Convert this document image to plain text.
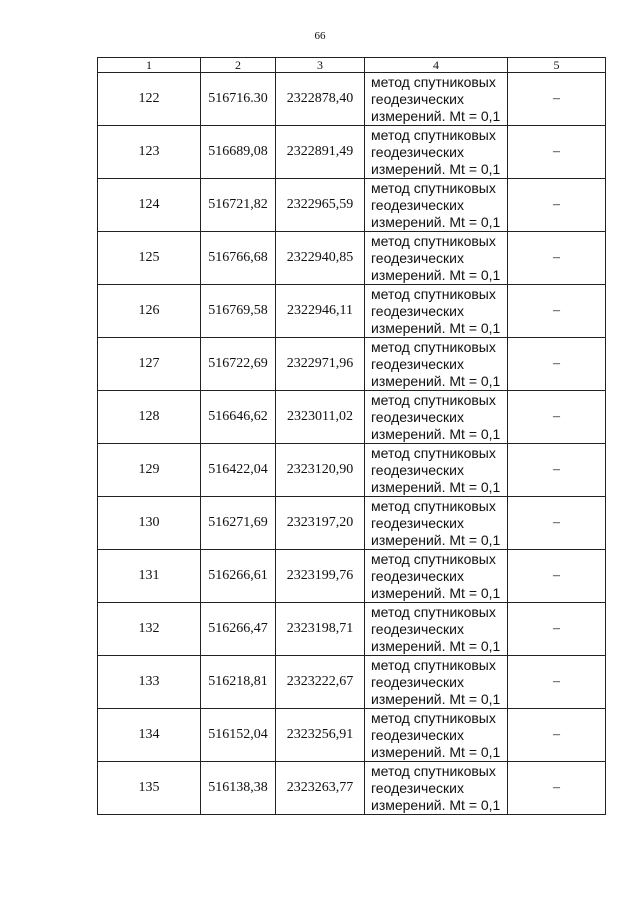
66
1	2	3	4	5
122	516716.30	2322878,40	метод спутниковых
геодезических
измерений. Mt = 0,1	–
123	516689,08	2322891,49	метод спутниковых
геодезических
измерений. Mt = 0,1	–
124	516721,82	2322965,59	метод спутниковых
геодезических
измерений. Mt = 0,1	–
125	516766,68	2322940,85	метод спутниковых
геодезических
измерений. Mt = 0,1	–
126	516769,58	2322946,11	метод спутниковых
геодезических
измерений. Mt = 0,1	–
127	516722,69	2322971,96	метод спутниковых
геодезических
измерений. Mt = 0,1	–
128	516646,62	2323011,02	метод спутниковых
геодезических
измерений. Mt = 0,1	–
129	516422,04	2323120,90	метод спутниковых
геодезических
измерений. Mt = 0,1	–
130	516271,69	2323197,20	метод спутниковых
геодезических
измерений. Mt = 0,1	–
131	516266,61	2323199,76	метод спутниковых
геодезических
измерений. Mt = 0,1	–
132	516266,47	2323198,71	метод спутниковых
геодезических
измерений. Mt = 0,1	–
133	516218,81	2323222,67	метод спутниковых
геодезических
измерений. Mt = 0,1	–
134	516152,04	2323256,91	метод спутниковых
геодезических
измерений. Mt = 0,1	–
135	516138,38	2323263,77	метод спутниковых
геодезических
измерений. Mt = 0,1	–
